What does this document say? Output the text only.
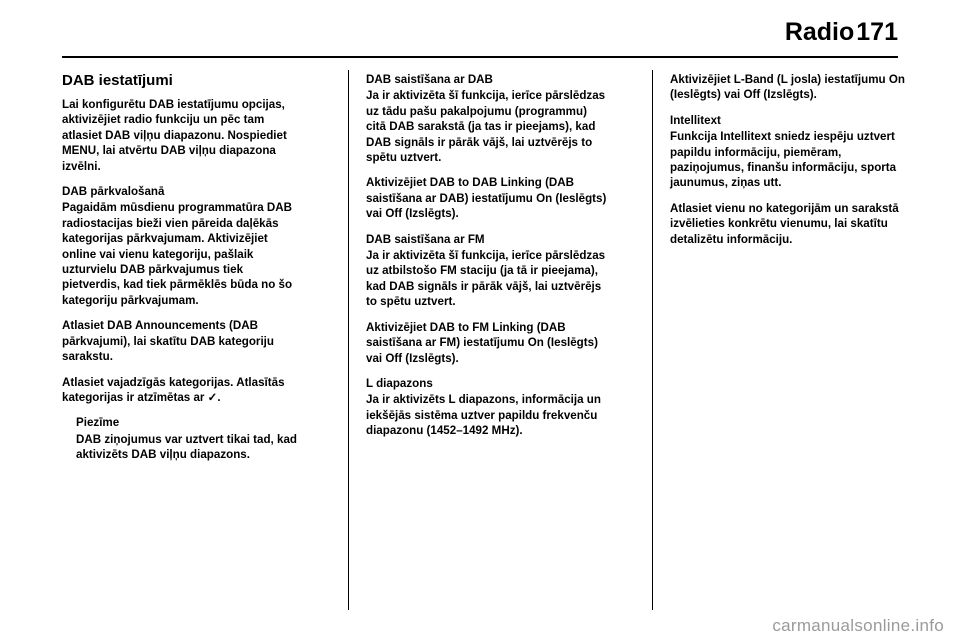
Radio171
DAB iestatījumi

Lai konfigurētu DAB iestatījumu opcijas, aktivizējiet radio funkciju un pēc tam atlasiet DAB viļņu diapazonu. Nospiediet MENU, lai atvērtu DAB viļņu diapazona izvēlni.

DAB pārkvalošanā

Pagaidām mūsdienu programmatūra DAB radiostacijas bieži vien pāreida daļēkās kategorijas pārkvajumam. Aktivizējiet online vai vienu kategoriju, pašlaik uzturvielu DAB pārkvajumus tiek pietverdis, kad tiek pārmēklēs būda no šo kategoriju pārkvajumam.

Atlasiet DAB Announcements (DAB pārkvajumi), lai skatītu DAB kategoriju sarakstu.

Atlasiet vajadzīgās kategorijas. Atlasītās kategorijas ir atzīmētas ar ✓.

Piezīme
DAB ziņojumus var uztvert tikai tad, kad aktivizēts DAB viļņu diapazons.
DAB saistīšana ar DAB

Ja ir aktivizēta šī funkcija, ierīce pārslēdzas uz tādu pašu pakalpojumu (programmu) citā DAB sarakstā (ja tas ir pieejams), kad DAB signāls ir pārāk vājš, lai uztvērējs to spētu uztvert.

Aktivizējiet DAB to DAB Linking (DAB saistīšana ar DAB) iestatījumu On (Ieslēgts) vai Off (Izslēgts).

DAB saistīšana ar FM

Ja ir aktivizēta šī funkcija, ierīce pārslēdzas uz atbilstošo FM staciju (ja tā ir pieejama), kad DAB signāls ir pārāk vājš, lai uztvērējs to spētu uztvert.

Aktivizējiet DAB to FM Linking (DAB saistīšana ar FM) iestatījumu On (Ieslēgts) vai Off (Izslēgts).

L diapazons

Ja ir aktivizēts L diapazons, informācija un iekšējās sistēma uztver papildu frekvenču diapazonu (1452–1492 MHz).

Aktivizējiet L-Band (L josla) iestatījumu On (Ieslēgts) vai Off (Izslēgts).

Intellitext

Funkcija Intellitext sniedz iespēju uztvert papildu informāciju, piemēram, paziņojumus, finanšu informāciju, sporta jaunumus, ziņas utt.

Atlasiet vienu no kategorijām un sarakstā izvēlieties konkrētu vienumu, lai skatītu detalizētu informāciju.

carmanualsonline.info
